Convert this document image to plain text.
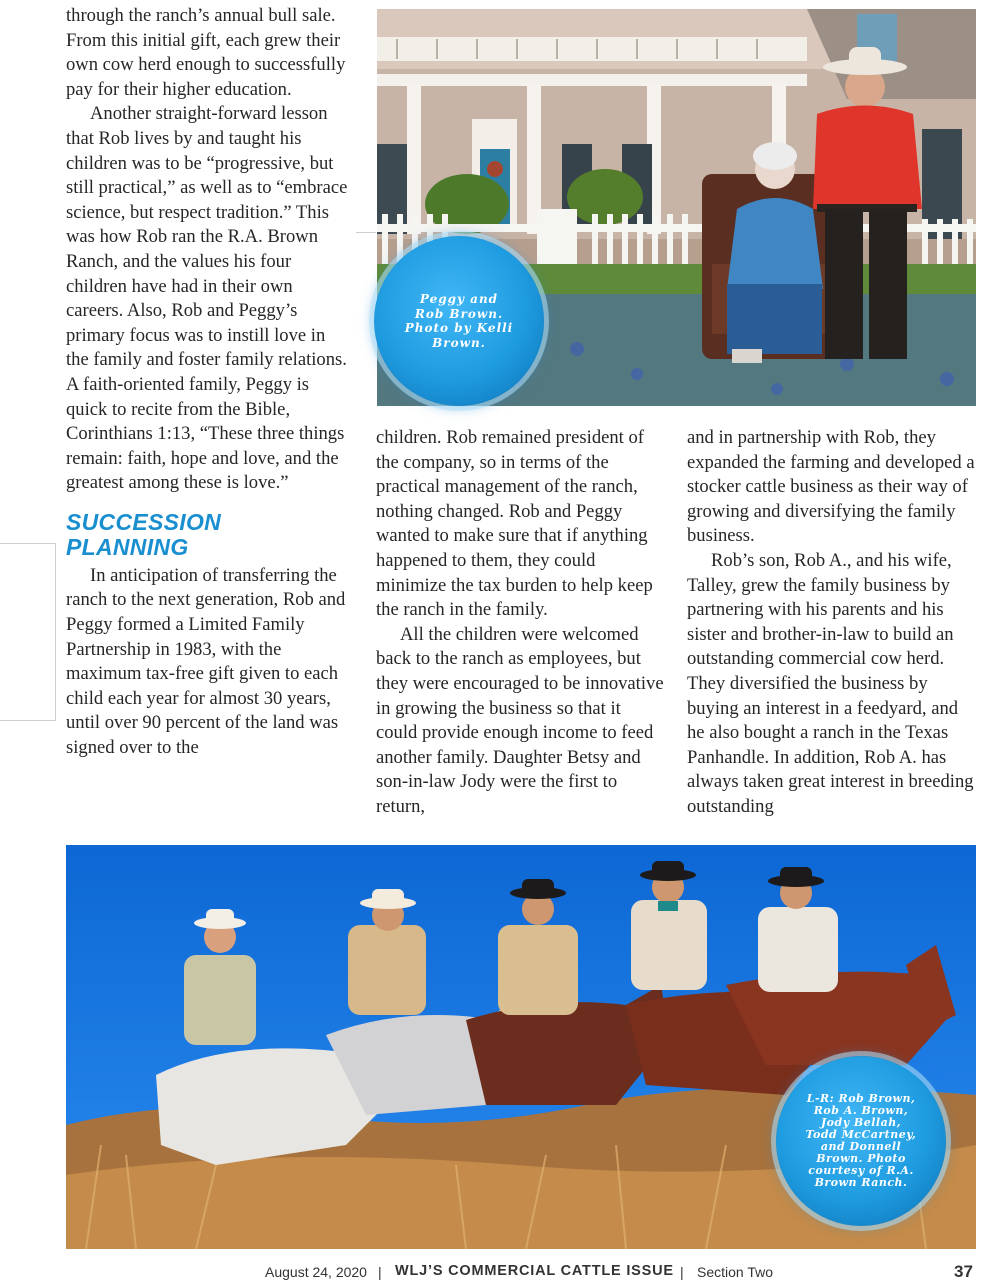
through the ranch’s annual bull sale. From this initial gift, each grew their own cow herd enough to successfully pay for their higher education.

Another straight-forward lesson that Rob lives by and taught his children was to be “progressive, but still practical,” as well as to “embrace science, but respect tradition.” This was how Rob ran the R.A. Brown Ranch, and the values his four children have had in their own careers. Also, Rob and Peggy’s primary focus was to instill love in the family and foster family relations. A faith-oriented family, Peggy is quick to recite from the Bible, Corinthians 1:13, “These three things remain: faith, hope and love, and the greatest among these is love.”

SUCCESSION
PLANNING

In anticipation of transferring the ranch to the next generation, Rob and Peggy formed a Limited Family Partnership in 1983, with the maximum tax-free gift given to each child each year for almost 30 years, until over 90 percent of the land was signed over to the

children. Rob remained president of the company, so in terms of the practical management of the ranch, nothing changed. Rob and Peggy wanted to make sure that if anything happened to them, they could minimize the tax burden to help keep the ranch in the family.

All the children were welcomed back to the ranch as employees, but they were encouraged to be innovative in growing the business so that it could provide enough income to feed another family. Daughter Betsy and son-in-law Jody were the first to return,

and in partnership with Rob, they expanded the farming and developed a stocker cattle business as their way of growing and diversifying the family business.

Rob’s son, Rob A., and his wife, Talley, grew the family business by partnering with his parents and his sister and brother-in-law to build an outstanding commercial cow herd. They diversified the business by buying an interest in a feedyard, and he also bought a ranch in the Texas Panhandle. In addition, Rob A. has always taken great interest in breeding outstanding

Peggy and Rob Brown. Photo by Kelli Brown.
L-R: Rob Brown, Rob A. Brown, Jody Bellah, Todd McCartney, and Donnell Brown. Photo courtesy of R.A. Brown Ranch.
August 24, 2020 | WLJ’S COMMERCIAL CATTLE ISSUE | Section Two	37
